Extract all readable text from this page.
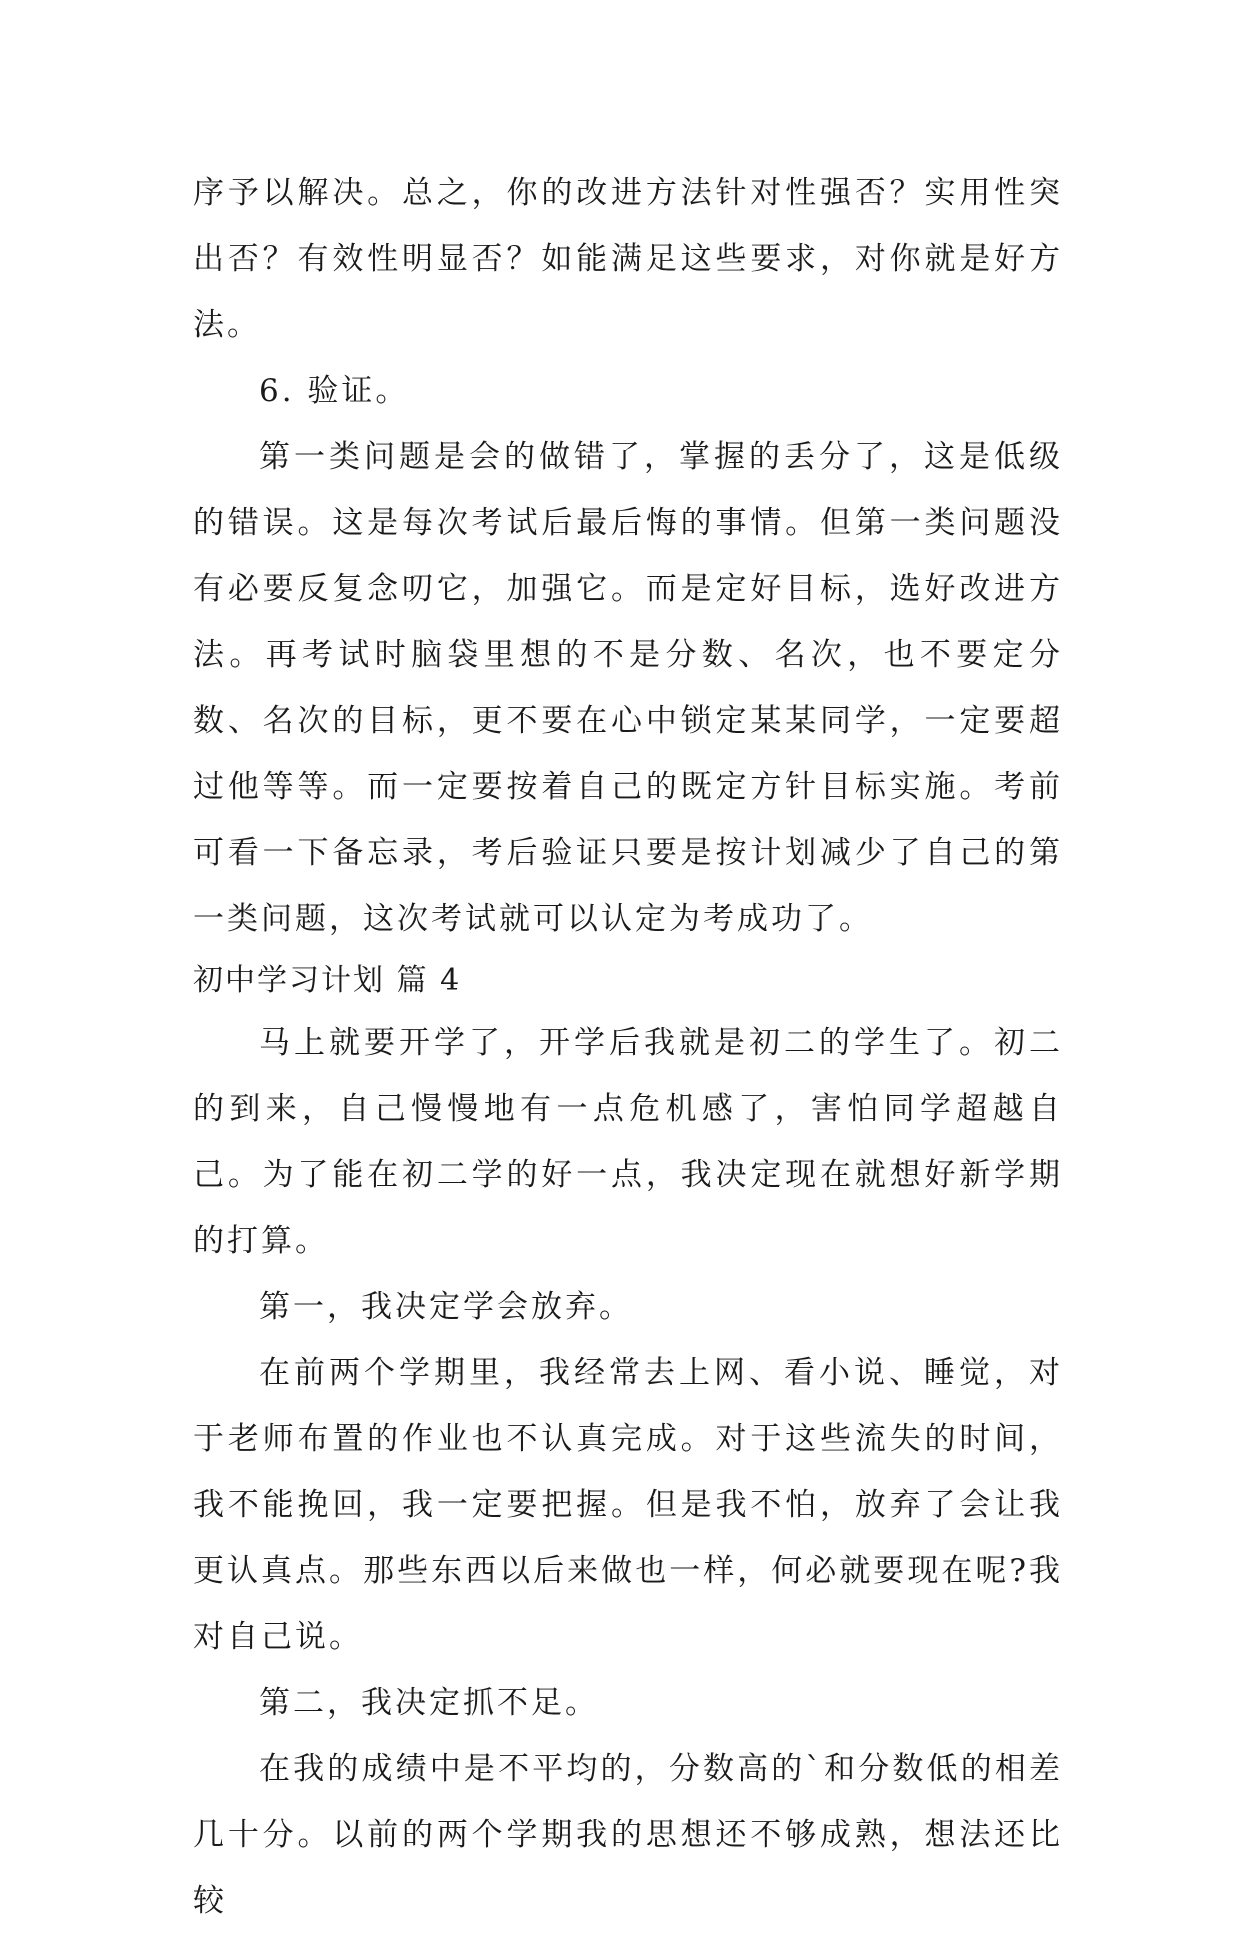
序予以解决。总之，你的改进方法针对性强否？实用性突出否？有效性明显否？如能满足这些要求，对你就是好方法。

6. 验证。

第一类问题是会的做错了，掌握的丢分了，这是低级的错误。这是每次考试后最后悔的事情。但第一类问题没有必要反复念叨它，加强它。而是定好目标，选好改进方法。再考试时脑袋里想的不是分数、名次，也不要定分数、名次的目标，更不要在心中锁定某某同学，一定要超过他等等。而一定要按着自己的既定方针目标实施。考前可看一下备忘录，考后验证只要是按计划减少了自己的第一类问题，这次考试就可以认定为考成功了。

初中学习计划 篇 4

马上就要开学了，开学后我就是初二的学生了。初二的到来，自己慢慢地有一点危机感了，害怕同学超越自己。为了能在初二学的好一点，我决定现在就想好新学期的打算。

第一，我决定学会放弃。

在前两个学期里，我经常去上网、看小说、睡觉，对于老师布置的作业也不认真完成。对于这些流失的时间，我不能挽回，我一定要把握。但是我不怕，放弃了会让我更认真点。那些东西以后来做也一样，何必就要现在呢?我对自己说。

第二，我决定抓不足。

在我的成绩中是不平均的，分数高的`和分数低的相差几十分。以前的两个学期我的思想还不够成熟，想法还比较
